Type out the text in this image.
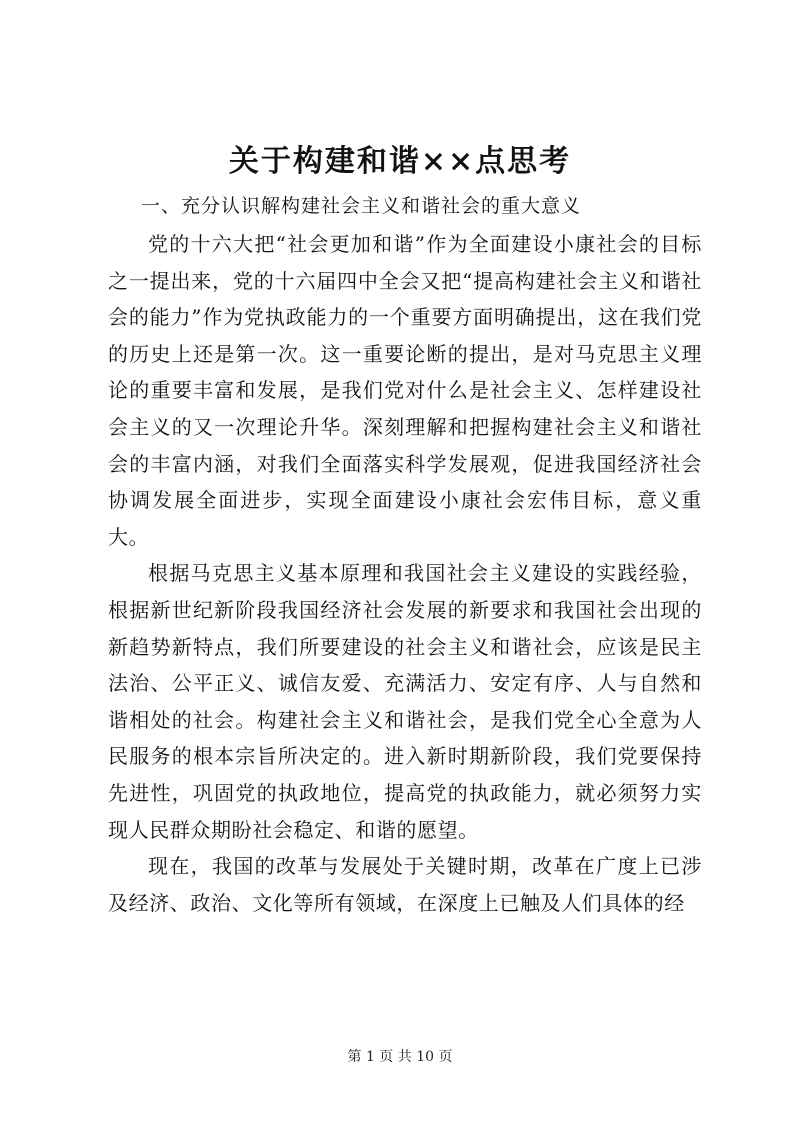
关于构建和谐××点思考
一、充分认识解构建社会主义和谐社会的重大意义

党的十六大把“社会更加和谐”作为全面建设小康社会的目标之一提出来，党的十六届四中全会又把“提高构建社会主义和谐社会的能力”作为党执政能力的一个重要方面明确提出，这在我们党的历史上还是第一次。这一重要论断的提出，是对马克思主义理论的重要丰富和发展，是我们党对什么是社会主义、怎样建设社会主义的又一次理论升华。深刻理解和把握构建社会主义和谐社会的丰富内涵，对我们全面落实科学发展观，促进我国经济社会协调发展全面进步，实现全面建设小康社会宏伟目标，意义重大。

根据马克思主义基本原理和我国社会主义建设的实践经验，根据新世纪新阶段我国经济社会发展的新要求和我国社会出现的新趋势新特点，我们所要建设的社会主义和谐社会，应该是民主法治、公平正义、诚信友爱、充满活力、安定有序、人与自然和谐相处的社会。构建社会主义和谐社会，是我们党全心全意为人民服务的根本宗旨所决定的。进入新时期新阶段，我们党要保持先进性，巩固党的执政地位，提高党的执政能力，就必须努力实现人民群众期盼社会稳定、和谐的愿望。

现在，我国的改革与发展处于关键时期，改革在广度上已涉及经济、政治、文化等所有领域，在深度上已触及人们具体的经

第 1 页 共 10 页
